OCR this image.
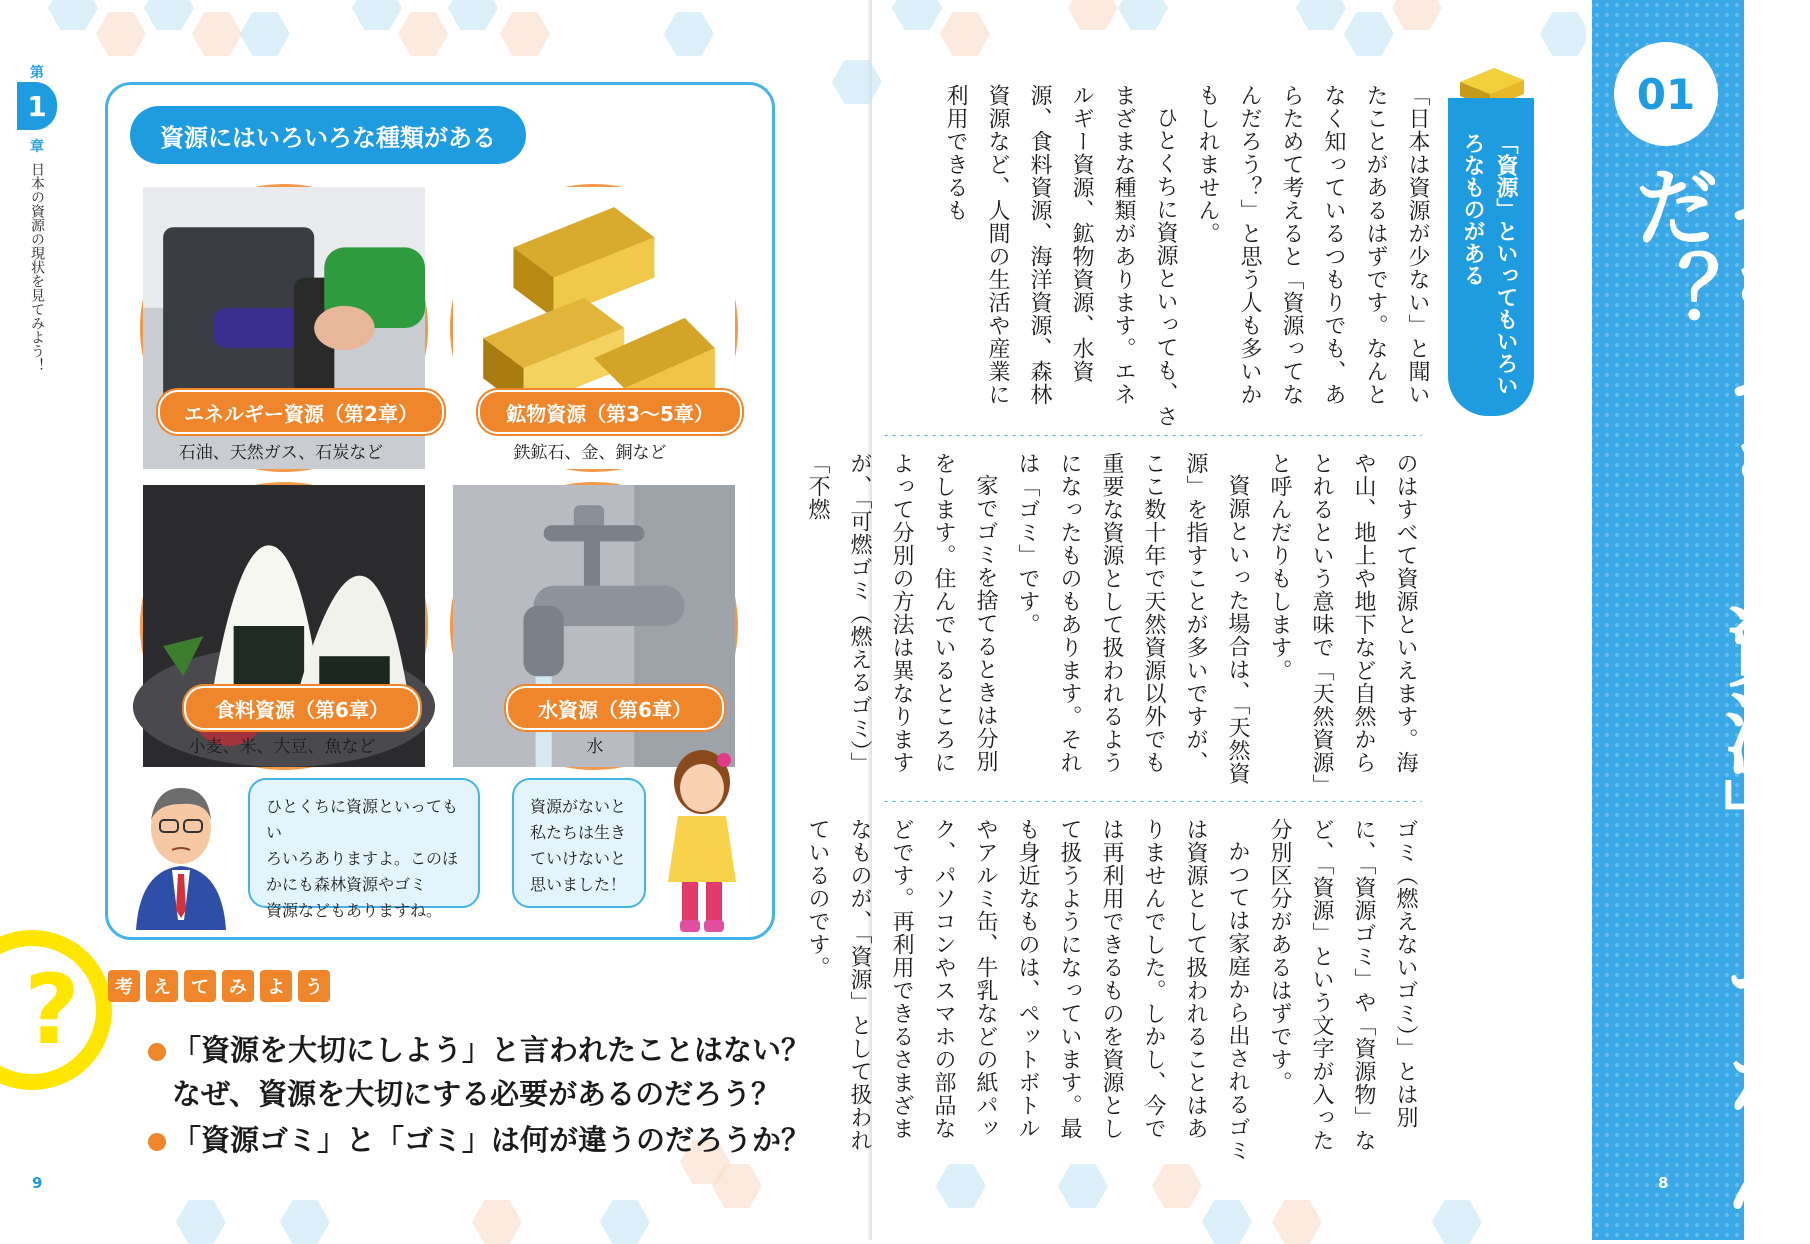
第
1
章
日本の資源の現状を見てみよう！
資源にはいろいろな種類がある
エネルギー資源（第2章）
石油、天然ガス、石炭など
鉱物資源（第3〜5章）
鉄鉱石、金、銅など
食料資源（第6章）
小麦、米、大豆、魚など
水資源（第6章）
水
ひとくちに資源といってもい
ろいろありますよ。このほ
かにも森林資源やゴミ
資源などもありますね。
資源がないと
私たちは生き
ていけないと
思いました！
?	考	え	て	み	よ	う
「資源を大切にしよう」と言われたことはない？
なぜ、資源を大切にする必要があるのだろう？
「資源ゴミ」と「ゴミ」は何が違うのだろうか？
9
01
そもそも「資源」ってなんだ？
「資源」といってもいろいろなものがある

「日本は資源が少ない」と聞いたことがあるはずです。なんとなく知っているつもりでも、あらためて考えると「資源ってなんだろう？」と思う人も多いかもしれません。

ひとくちに資源といっても、さまざまな種類があります。エネルギー資源、鉱物資源、水資源、食料資源、海洋資源、森林資源など、人間の生活や産業に利用できるも

のはすべて資源といえます。海や山、地上や地下など自然からとれるという意味で「天然資源」と呼んだりもします。

資源といった場合は、「天然資源」を指すことが多いですが、ここ数十年で天然資源以外でも重要な資源として扱われるようになったものもあります。それは「ゴミ」です。

家でゴミを捨てるときは分別をします。住んでいるところによって分別の方法は異なりますが、「可燃ゴミ（燃えるゴミ）」「不燃

ゴミ（燃えないゴミ）」とは別に、「資源ゴミ」や「資源物」など、「資源」という文字が入った分別区分があるはずです。

かつては家庭から出されるゴミは資源として扱われることはありませんでした。しかし、今では再利用できるものを資源として扱うようになっています。最も身近なものは、ペットボトルやアルミ缶、牛乳などの紙パック、パソコンやスマホの部品などです。再利用できるさまざまなものが、「資源」として扱われているのです。

8
